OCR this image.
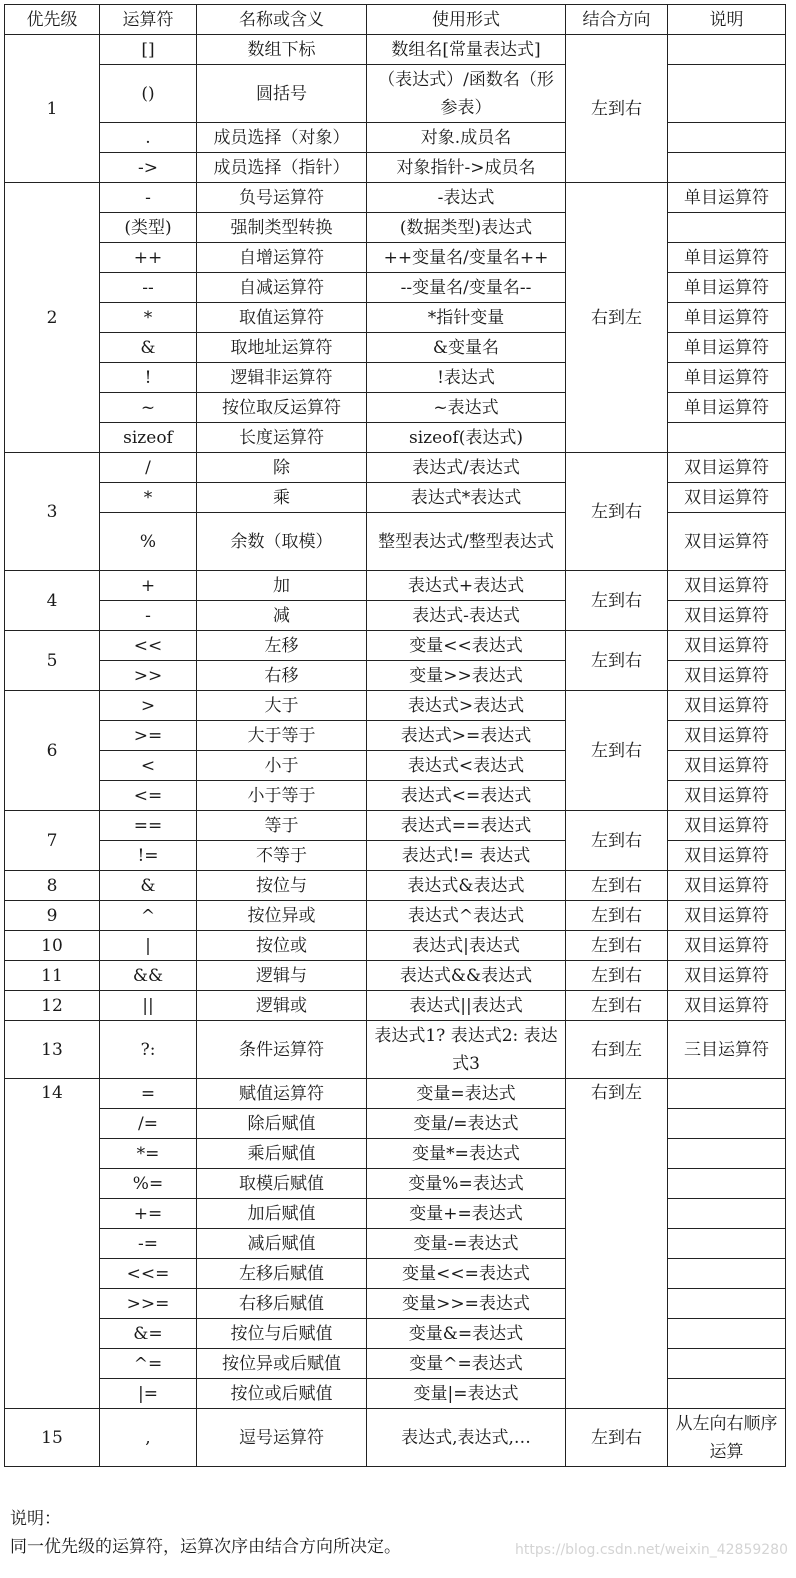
优先级	运算符	名称或含义	使用形式	结合方向	说明
1	[]	数组下标	数组名[常量表达式]	左到右	
	()	圆括号	（表达式）/函数名（形参表）		
	.	成员选择（对象）	对象.成员名		
	->	成员选择（指针）	对象指针->成员名		
2	-	负号运算符	-表达式	右到左	单目运算符
	(类型)	强制类型转换	(数据类型)表达式		
	++	自增运算符	++变量名/变量名++		单目运算符
	--	自减运算符	--变量名/变量名--		单目运算符
	*	取值运算符	*指针变量		单目运算符
	&	取地址运算符	&变量名		单目运算符
	!	逻辑非运算符	!表达式		单目运算符
	~	按位取反运算符	~表达式		单目运算符
	sizeof	长度运算符	sizeof(表达式)		
3	/	除	表达式/表达式	左到右	双目运算符
	*	乘	表达式*表达式		双目运算符
	%	余数（取模）	整型表达式/整型表达式		双目运算符
4	+	加	表达式+表达式	左到右	双目运算符
	-	减	表达式-表达式		双目运算符
5	<<	左移	变量<<表达式	左到右	双目运算符
	>>	右移	变量>>表达式		双目运算符
6	>	大于	表达式>表达式	左到右	双目运算符
	>=	大于等于	表达式>=表达式		双目运算符
	<	小于	表达式<表达式		双目运算符
	<=	小于等于	表达式<=表达式		双目运算符
7	==	等于	表达式==表达式	左到右	双目运算符
	!=	不等于	表达式!= 表达式		双目运算符
8	&	按位与	表达式&表达式	左到右	双目运算符
9	^	按位异或	表达式^表达式	左到右	双目运算符
10	|	按位或	表达式|表达式	左到右	双目运算符
11	&&	逻辑与	表达式&&表达式	左到右	双目运算符
12	||	逻辑或	表达式||表达式	左到右	双目运算符
13	?:	条件运算符	表达式1? 表达式2: 表达式3	右到左	三目运算符
14	=	赋值运算符	变量=表达式	右到左	
	/=	除后赋值	变量/=表达式		
	*=	乘后赋值	变量*=表达式		
	%=	取模后赋值	变量%=表达式		
	+=	加后赋值	变量+=表达式		
	-=	减后赋值	变量-=表达式		
	<<=	左移后赋值	变量<<=表达式		
	>>=	右移后赋值	变量>>=表达式		
	&=	按位与后赋值	变量&=表达式		
	^=	按位异或后赋值	变量^=表达式		
	|=	按位或后赋值	变量|=表达式		
15	,	逗号运算符	表达式,表达式,…	左到右	从左向右顺序运算
说明：
同一优先级的运算符，运算次序由结合方向所决定。	https://blog.csdn.net/weixin_42859280
